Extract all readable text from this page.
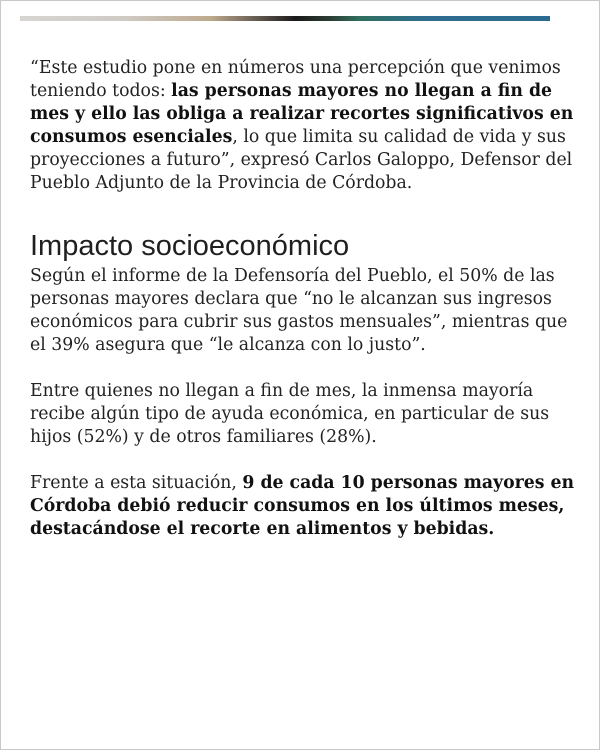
“Este estudio pone en números una percepción que venimos teniendo todos: las personas mayores no llegan a fin de mes y ello las obliga a realizar recortes significativos en consumos esenciales, lo que limita su calidad de vida y sus proyecciones a futuro”, expresó Carlos Galoppo, Defensor del Pueblo Adjunto de la Provincia de Córdoba.

Impacto socioeconómico

Según el informe de la Defensoría del Pueblo, el 50% de las personas mayores declara que “no le alcanzan sus ingresos económicos para cubrir sus gastos mensuales”, mientras que el 39% asegura que “le alcanza con lo justo”.

Entre quienes no llegan a fin de mes, la inmensa mayoría recibe algún tipo de ayuda económica, en particular de sus hijos (52%) y de otros familiares (28%).

Frente a esta situación, 9 de cada 10 personas mayores en Córdoba debió reducir consumos en los últimos meses, destacándose el recorte en alimentos y bebidas.
